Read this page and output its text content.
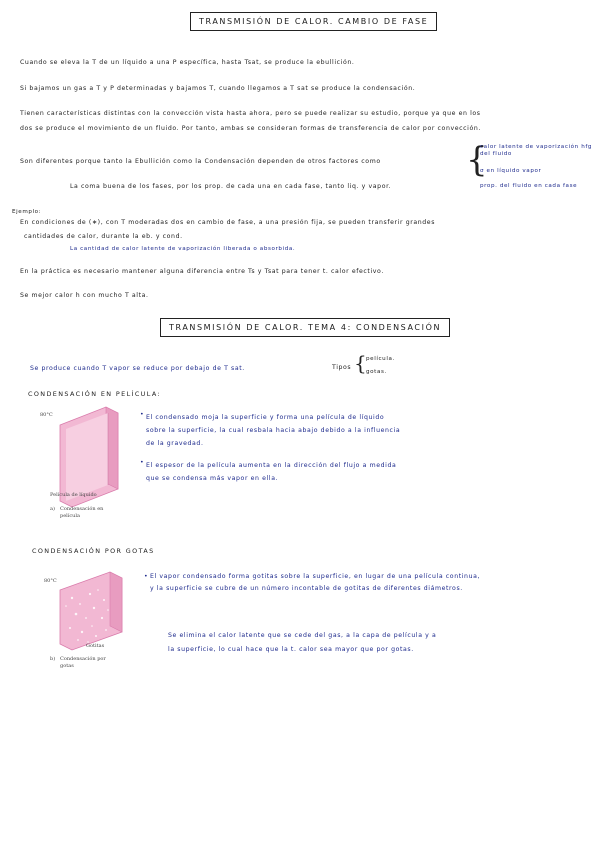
TRANSMISIÓN DE CALOR. CAMBIO DE FASE
Cuando se eleva la T de un líquido a una P específica, hasta Tsat, se produce la ebullición.
Si bajamos un gas a T y P determinadas y bajamos T, cuando llegamos a T sat se produce la condensación.
Tienen características distintas con la convección vista hasta ahora, pero se puede realizar su estudio, porque ya que en los
dos se produce el movimiento de un fluido. Por tanto, ambas se consideran formas de transferencia de calor por convección.
Son diferentes porque tanto la Ebullición como la Condensación dependen de otros factores como	{
calor latente de vaporización hfg del fluido
σ en líquido vapor
prop. del fluido en cada fase
La coma buena de los fases, por los prop. de cada una en cada fase, tanto liq. y vapor.
Ejemplo:
En condiciones de (∗), con T moderadas dos en cambio de fase, a una presión fija, se pueden transferir grandes
cantidades de calor, durante la eb. y cond.
La cantidad de calor latente de vaporización liberada o absorbida.
En la práctica es necesario mantener alguna diferencia entre Ts y Tsat para tener t. calor efectivo.
Se mejor calor h con mucho T alta.
TRANSMISIÓN DE CALOR. TEMA 4: CONDENSACIÓN
Se produce cuando T vapor se reduce por debajo de T sat.	Tipos { película.
gotas.
CONDENSACIÓN EN PELÍCULA:
80°C
Película de líquido
a) Condensación en película
• El condensado moja la superficie y forma una película de líquido sobre la superficie, la cual resbala hacia abajo debido a la influencia de la gravedad.
• El espesor de la película aumenta en la dirección del flujo a medida que se condensa más vapor en ella.
CONDENSACIÓN POR GOTAS
80°C
Gotitas
b) Condensación por gotas
• El vapor condensado forma gotitas sobre la superficie, en lugar de una película continua,
y la superficie se cubre de un número incontable de gotitas de diferentes diámetros.
Se elimina el calor latente que se cede del gas, a la capa de película y a
la superficie, lo cual hace que la t. calor sea mayor que por gotas.
